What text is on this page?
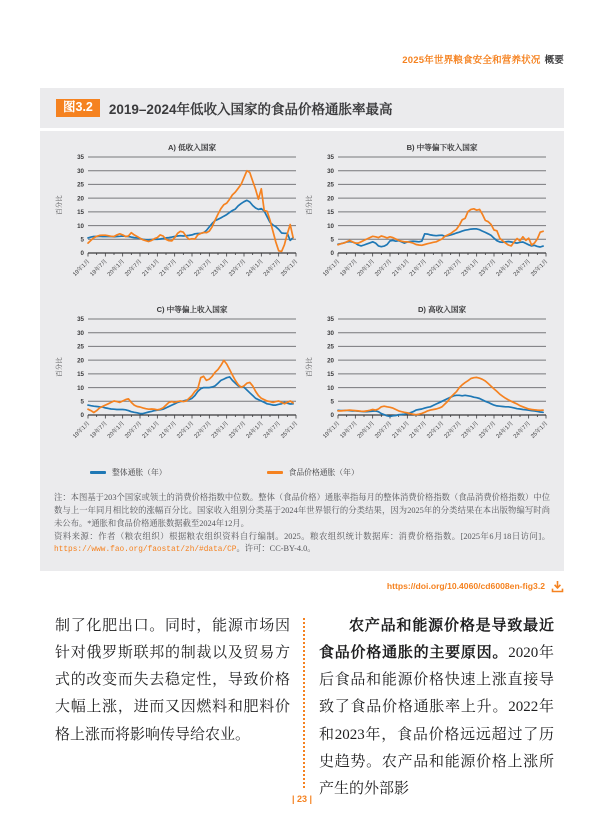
2025年世界粮食安全和营养状况 概要
图3.2	2019–2024年低收入国家的食品价格通胀率最高
A) 低收入国家
0
5
10
15
20
25
30
35
百分比
19年1月
19年7月
20年1月
20年7月
21年1月
21年7月
22年1月
22年7月
23年1月
23年7月
24年1月
24年7月
25年1月
B) 中等偏下收入国家
0
5
10
15
20
25
30
35
百分比
19年1月
19年7月
20年1月
20年7月
21年1月
21年7月
22年1月
22年7月
23年1月
23年7月
24年1月
24年7月
25年1月
C) 中等偏上收入国家
0
5
10
15
20
25
30
35
百分比
19年1月
19年7月
20年1月
20年7月
21年1月
21年7月
22年1月
22年7月
23年1月
23年7月
24年1月
24年7月
25年1月
D) 高收入国家
0
5
10
15
20
25
30
35
百分比
19年1月
19年7月
20年1月
20年7月
21年1月
21年7月
22年1月
22年7月
23年1月
23年7月
24年1月
24年7月
25年1月
整体通胀（年）	食品价格通胀（年）

注：本图基于203个国家或领土的消费价格指数中位数。整体（食品价格）通胀率指每月的整体消费价格指数（食品消费价格指数）中位数与上一年同月相比较的涨幅百分比。国家收入组别分类基于2024年世界银行的分类结果，因为2025年的分类结果在本出版物编写时尚未公布。*通胀和食品价格通胀数据截至2024年12月。

资料来源：作者（粮农组织）根据粮农组织资料自行编制。2025。粮农组织统计数据库：消费价格指数。[2025年6月18日访问]。https://www.fao.org/faostat/zh/#data/CP。许可：CC-BY-4.0。

https://doi.org/10.4060/cd6008en-fig3.2

制了化肥出口。同时，能源市场因针对俄罗斯联邦的制裁以及贸易方式的改变而失去稳定性，导致价格大幅上涨，进而又因燃料和肥料价格上涨而将影响传导给农业。

农产品和能源价格是导致最近食品价格通胀的主要原因。2020年后食品和能源价格快速上涨直接导致了食品价格通胀率上升。2022年和2023年，食品价格远远超过了历史趋势。农产品和能源价格上涨所产生的外部影

| 23 |
